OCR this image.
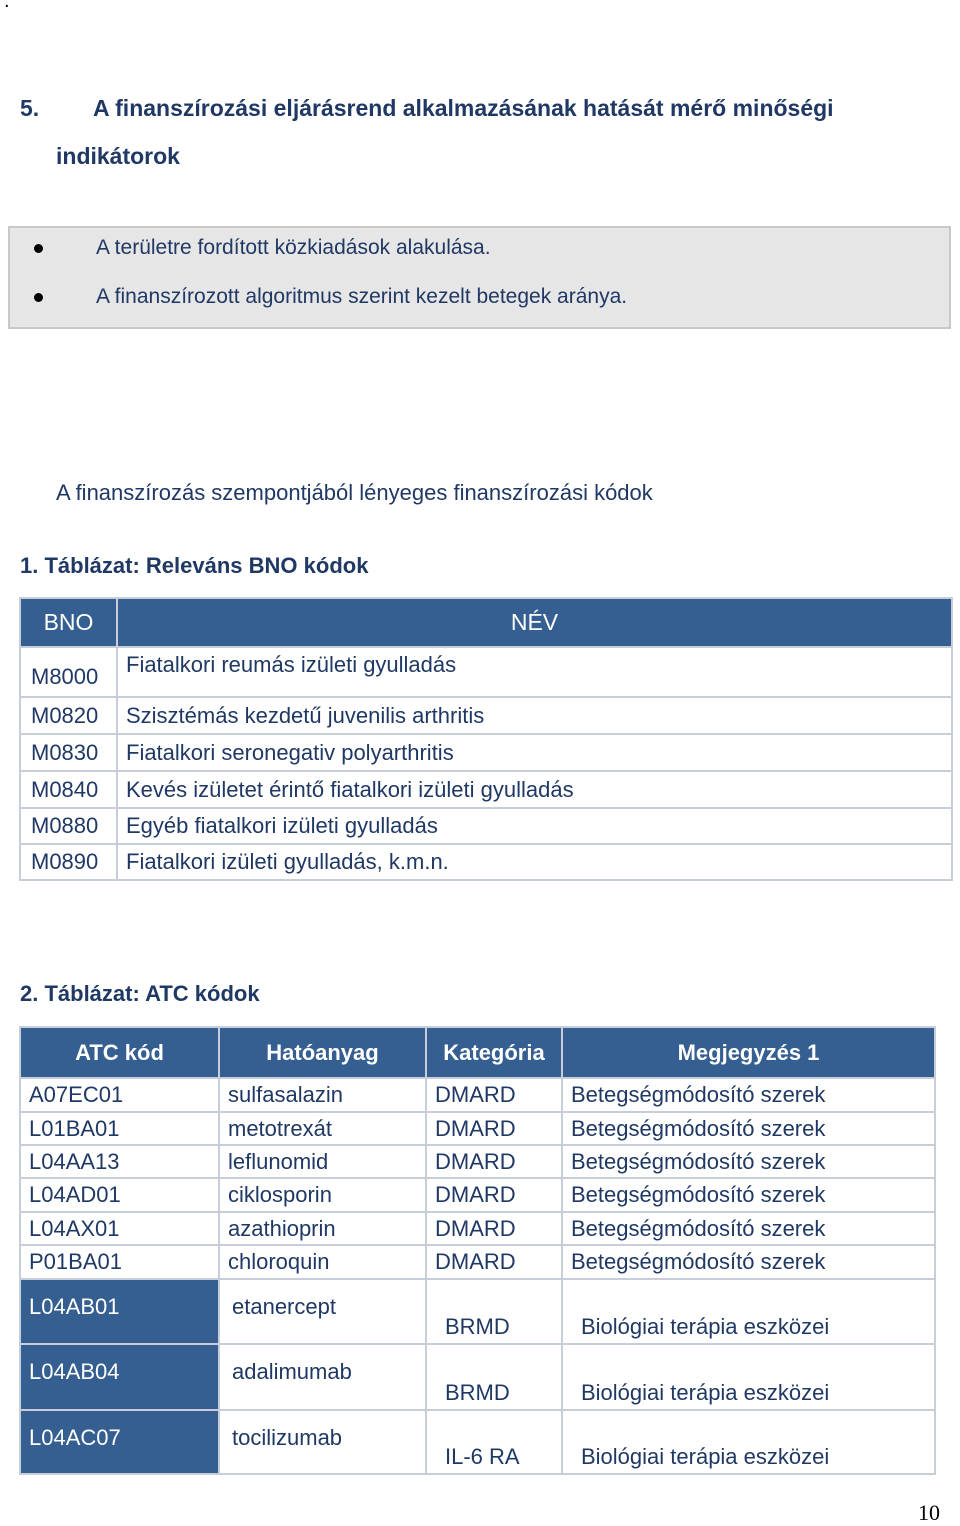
.
5. A finanszírozási eljárásrend alkalmazásának hatását mérő minőségi
indikátorok
A területre fordított közkiadások alakulása.
A finanszírozott algoritmus szerint kezelt betegek aránya.
A finanszírozás szempontjából lényeges finanszírozási kódok
1. Táblázat: Releváns BNO kódok
BNO	NÉV
M8000	Fiatalkori reumás izületi gyulladás
M0820	Szisztémás kezdetű juvenilis arthritis
M0830	Fiatalkori seronegativ polyarthritis
M0840	Kevés izületet érintő fiatalkori izületi gyulladás
M0880	Egyéb fiatalkori izületi gyulladás
M0890	Fiatalkori izületi gyulladás, k.m.n.
2. Táblázat: ATC kódok
ATC kód	Hatóanyag	Kategória	Megjegyzés 1
A07EC01	sulfasalazin	DMARD	Betegségmódosító szerek
L01BA01	metotrexát	DMARD	Betegségmódosító szerek
L04AA13	leflunomid	DMARD	Betegségmódosító szerek
L04AD01	ciklosporin	DMARD	Betegségmódosító szerek
L04AX01	azathioprin	DMARD	Betegségmódosító szerek
P01BA01	chloroquin	DMARD	Betegségmódosító szerek
L04AB01	etanercept	BRMD	Biológiai terápia eszközei
L04AB04	adalimumab	BRMD	Biológiai terápia eszközei
L04AC07	tocilizumab	IL-6 RA	Biológiai terápia eszközei
10
